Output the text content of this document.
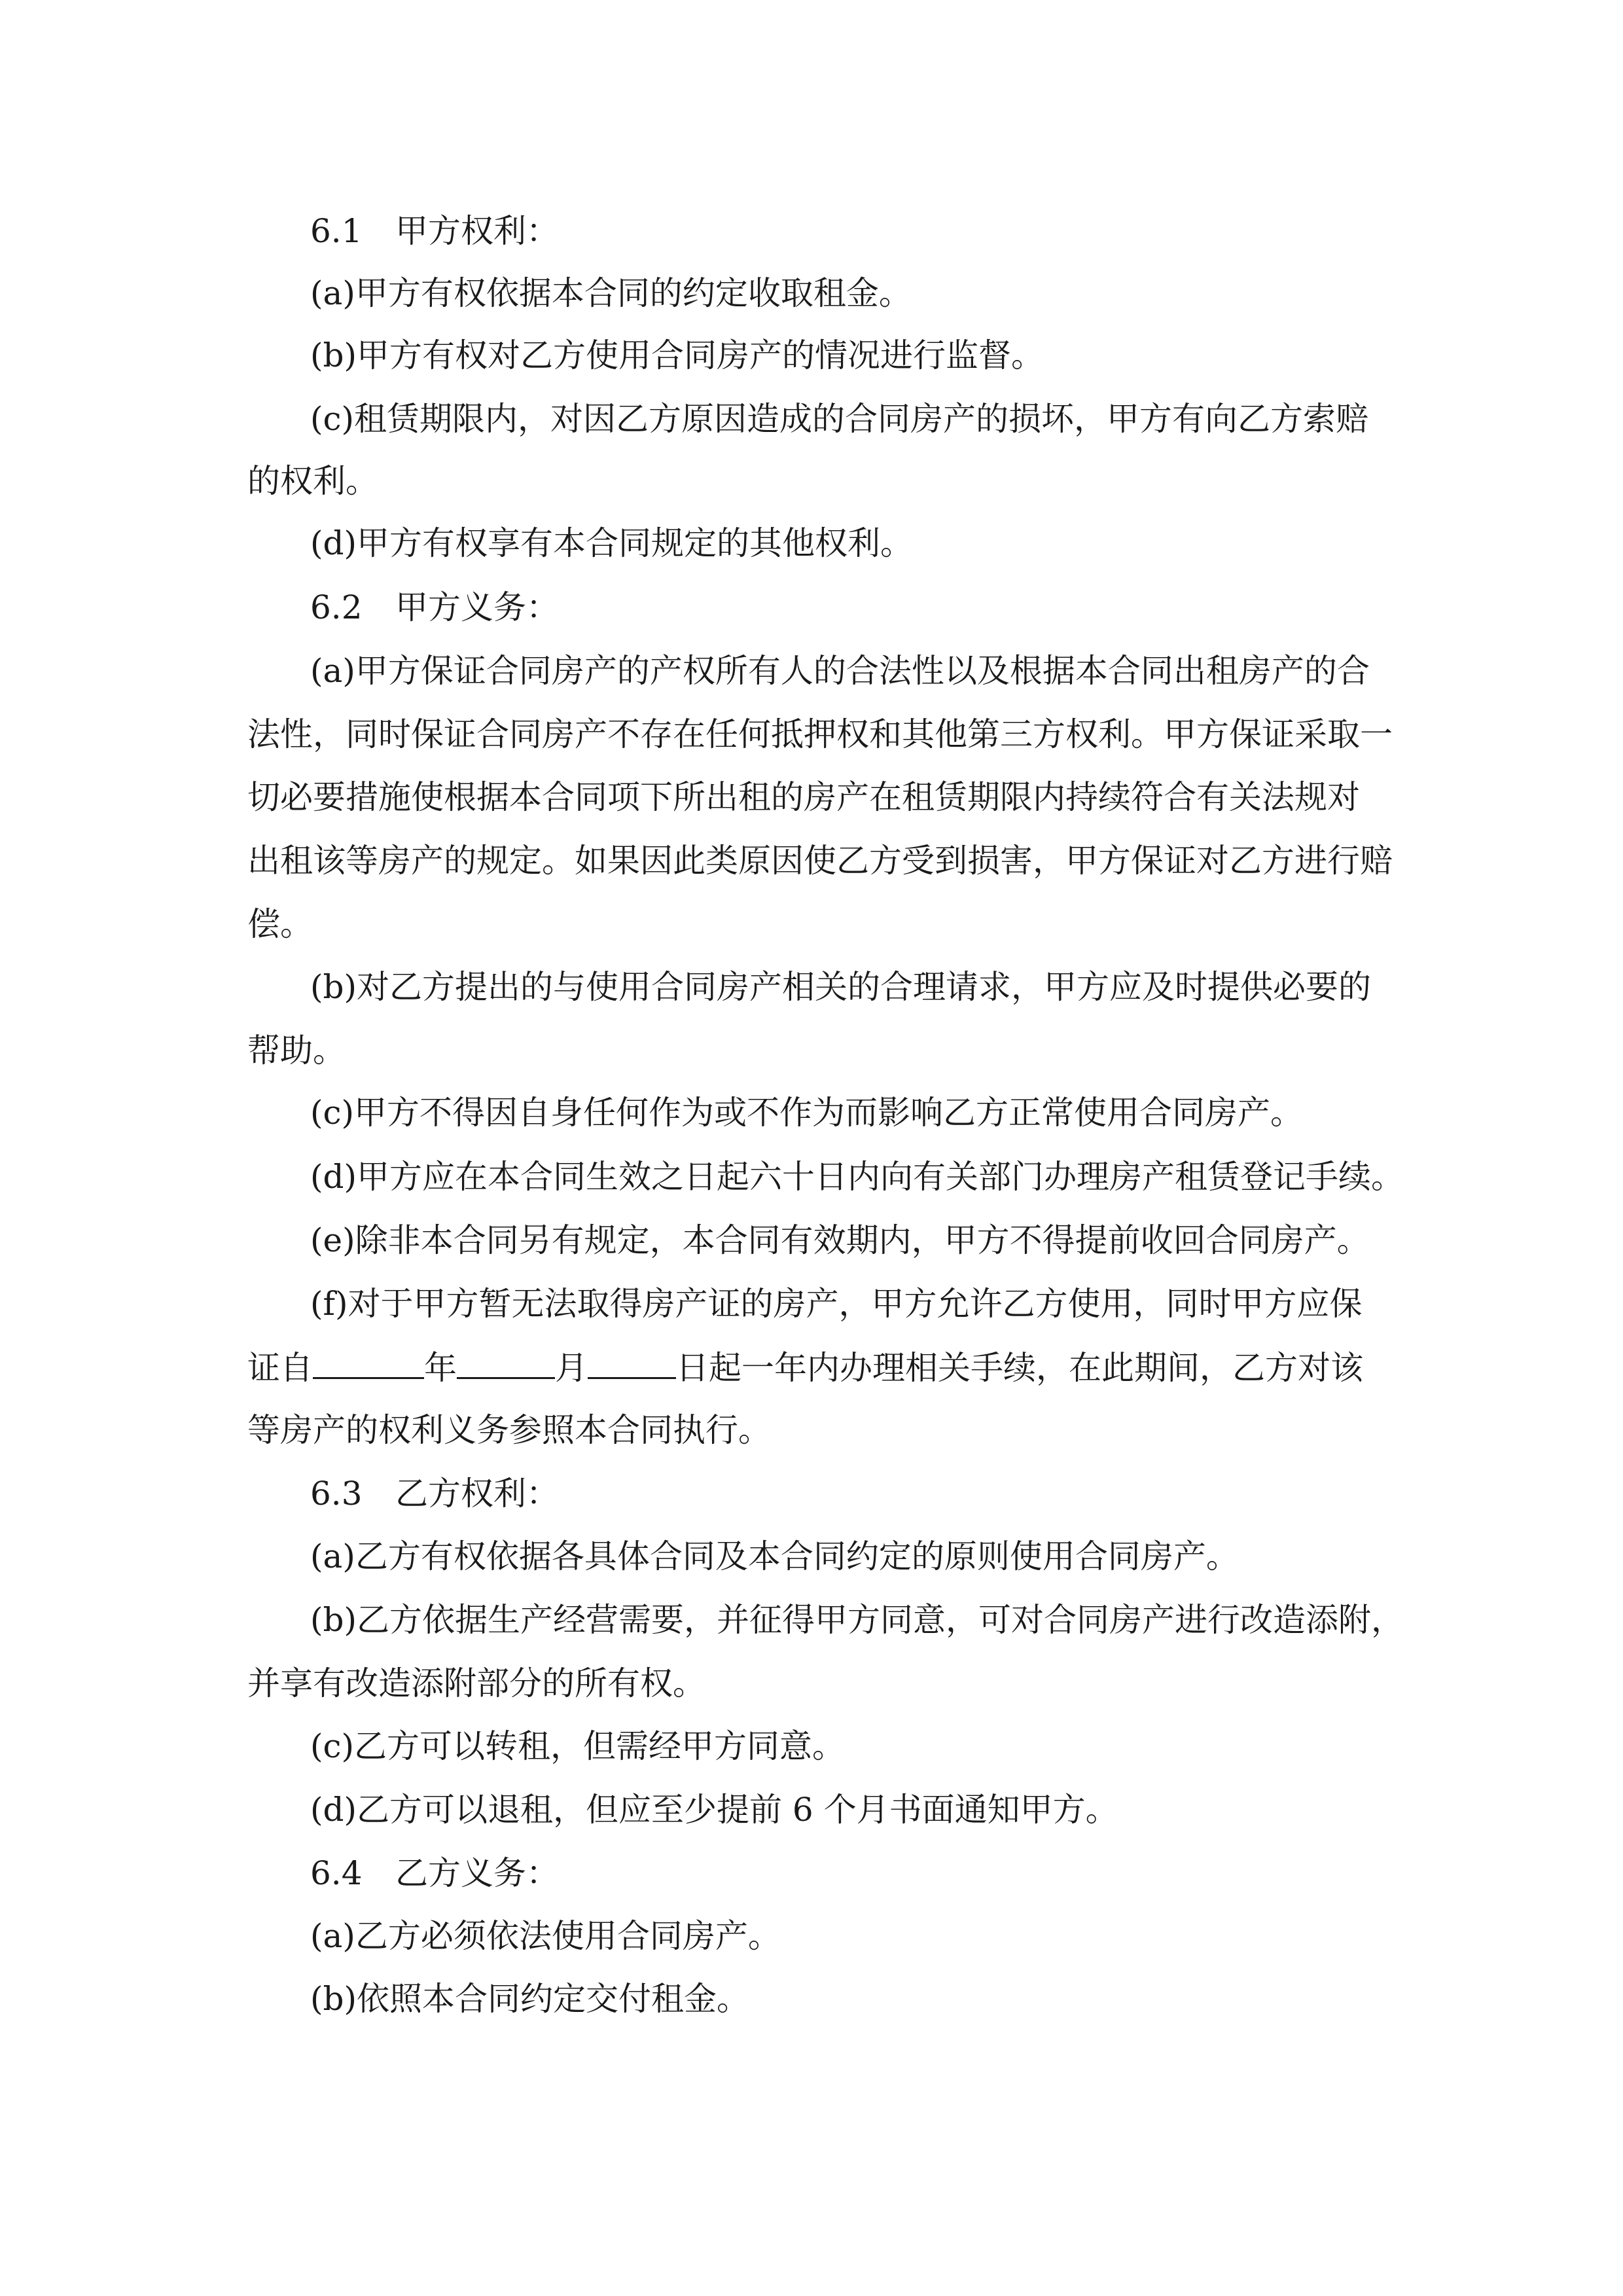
6.1 甲方权利：

(a)甲方有权依据本合同的约定收取租金。

(b)甲方有权对乙方使用合同房产的情况进行监督。

(c)租赁期限内，对因乙方原因造成的合同房产的损坏，甲方有向乙方索赔

的权利。

(d)甲方有权享有本合同规定的其他权利。

6.2 甲方义务：

(a)甲方保证合同房产的产权所有人的合法性以及根据本合同出租房产的合

法性，同时保证合同房产不存在任何抵押权和其他第三方权利。甲方保证采取一

切必要措施使根据本合同项下所出租的房产在租赁期限内持续符合有关法规对

出租该等房产的规定。如果因此类原因使乙方受到损害，甲方保证对乙方进行赔

偿。

(b)对乙方提出的与使用合同房产相关的合理请求，甲方应及时提供必要的

帮助。

(c)甲方不得因自身任何作为或不作为而影响乙方正常使用合同房产。

(d)甲方应在本合同生效之日起六十日内向有关部门办理房产租赁登记手续。

(e)除非本合同另有规定，本合同有效期内，甲方不得提前收回合同房产。

(f)对于甲方暂无法取得房产证的房产，甲方允许乙方使用，同时甲方应保

证自	年	月	日起一年内办理相关手续，在此期间，乙方对该

等房产的权利义务参照本合同执行。

6.3 乙方权利：

(a)乙方有权依据各具体合同及本合同约定的原则使用合同房产。

(b)乙方依据生产经营需要，并征得甲方同意，可对合同房产进行改造添附，

并享有改造添附部分的所有权。

(c)乙方可以转租，但需经甲方同意。

(d)乙方可以退租，但应至少提前 6 个月书面通知甲方。

6.4 乙方义务：

(a)乙方必须依法使用合同房产。

(b)依照本合同约定交付租金。
